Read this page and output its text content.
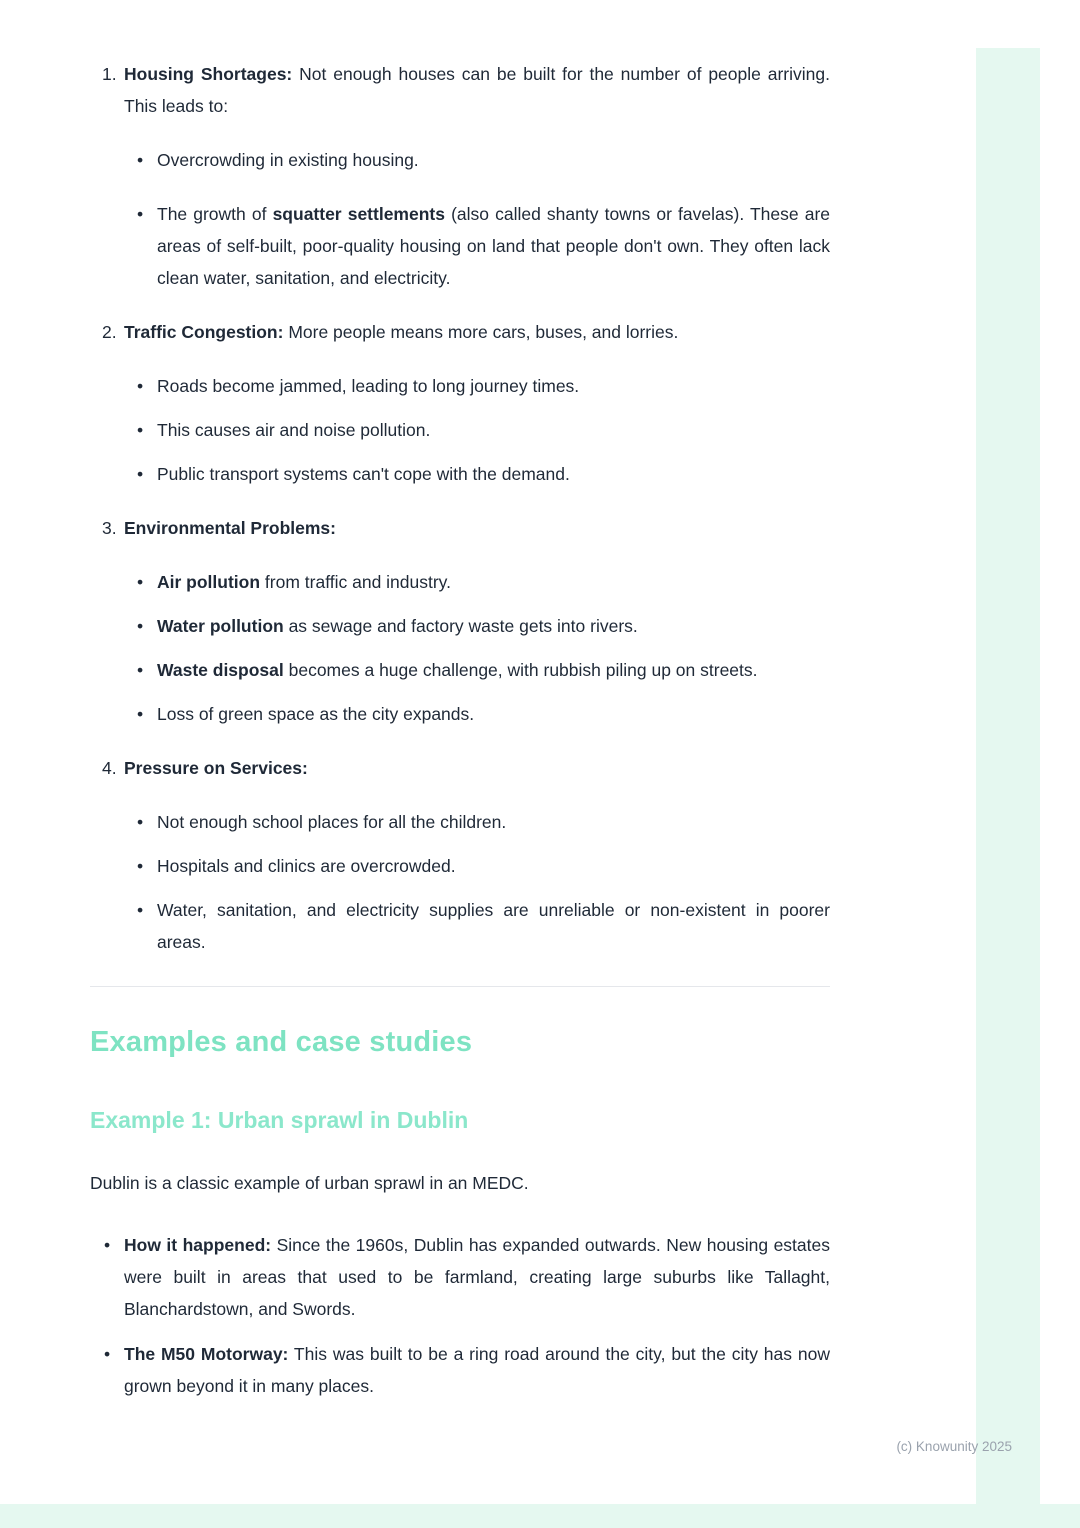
1. Housing Shortages: Not enough houses can be built for the number of people arriving. This leads to:

• Overcrowding in existing housing.

• The growth of squatter settlements (also called shanty towns or favelas). These are areas of self-built, poor-quality housing on land that people don't own. They often lack clean water, sanitation, and electricity.

2. Traffic Congestion: More people means more cars, buses, and lorries.

• Roads become jammed, leading to long journey times.

• This causes air and noise pollution.

• Public transport systems can't cope with the demand.

3. Environmental Problems:

• Air pollution from traffic and industry.

• Water pollution as sewage and factory waste gets into rivers.

• Waste disposal becomes a huge challenge, with rubbish piling up on streets.

• Loss of green space as the city expands.

4. Pressure on Services:

• Not enough school places for all the children.

• Hospitals and clinics are overcrowded.

• Water, sanitation, and electricity supplies are unreliable or non-existent in poorer areas.

Examples and case studies
Example 1: Urban sprawl in Dublin

Dublin is a classic example of urban sprawl in an MEDC.

• How it happened: Since the 1960s, Dublin has expanded outwards. New housing estates were built in areas that used to be farmland, creating large suburbs like Tallaght, Blanchardstown, and Swords.

• The M50 Motorway: This was built to be a ring road around the city, but the city has now grown beyond it in many places.

(c) Knowunity 2025
